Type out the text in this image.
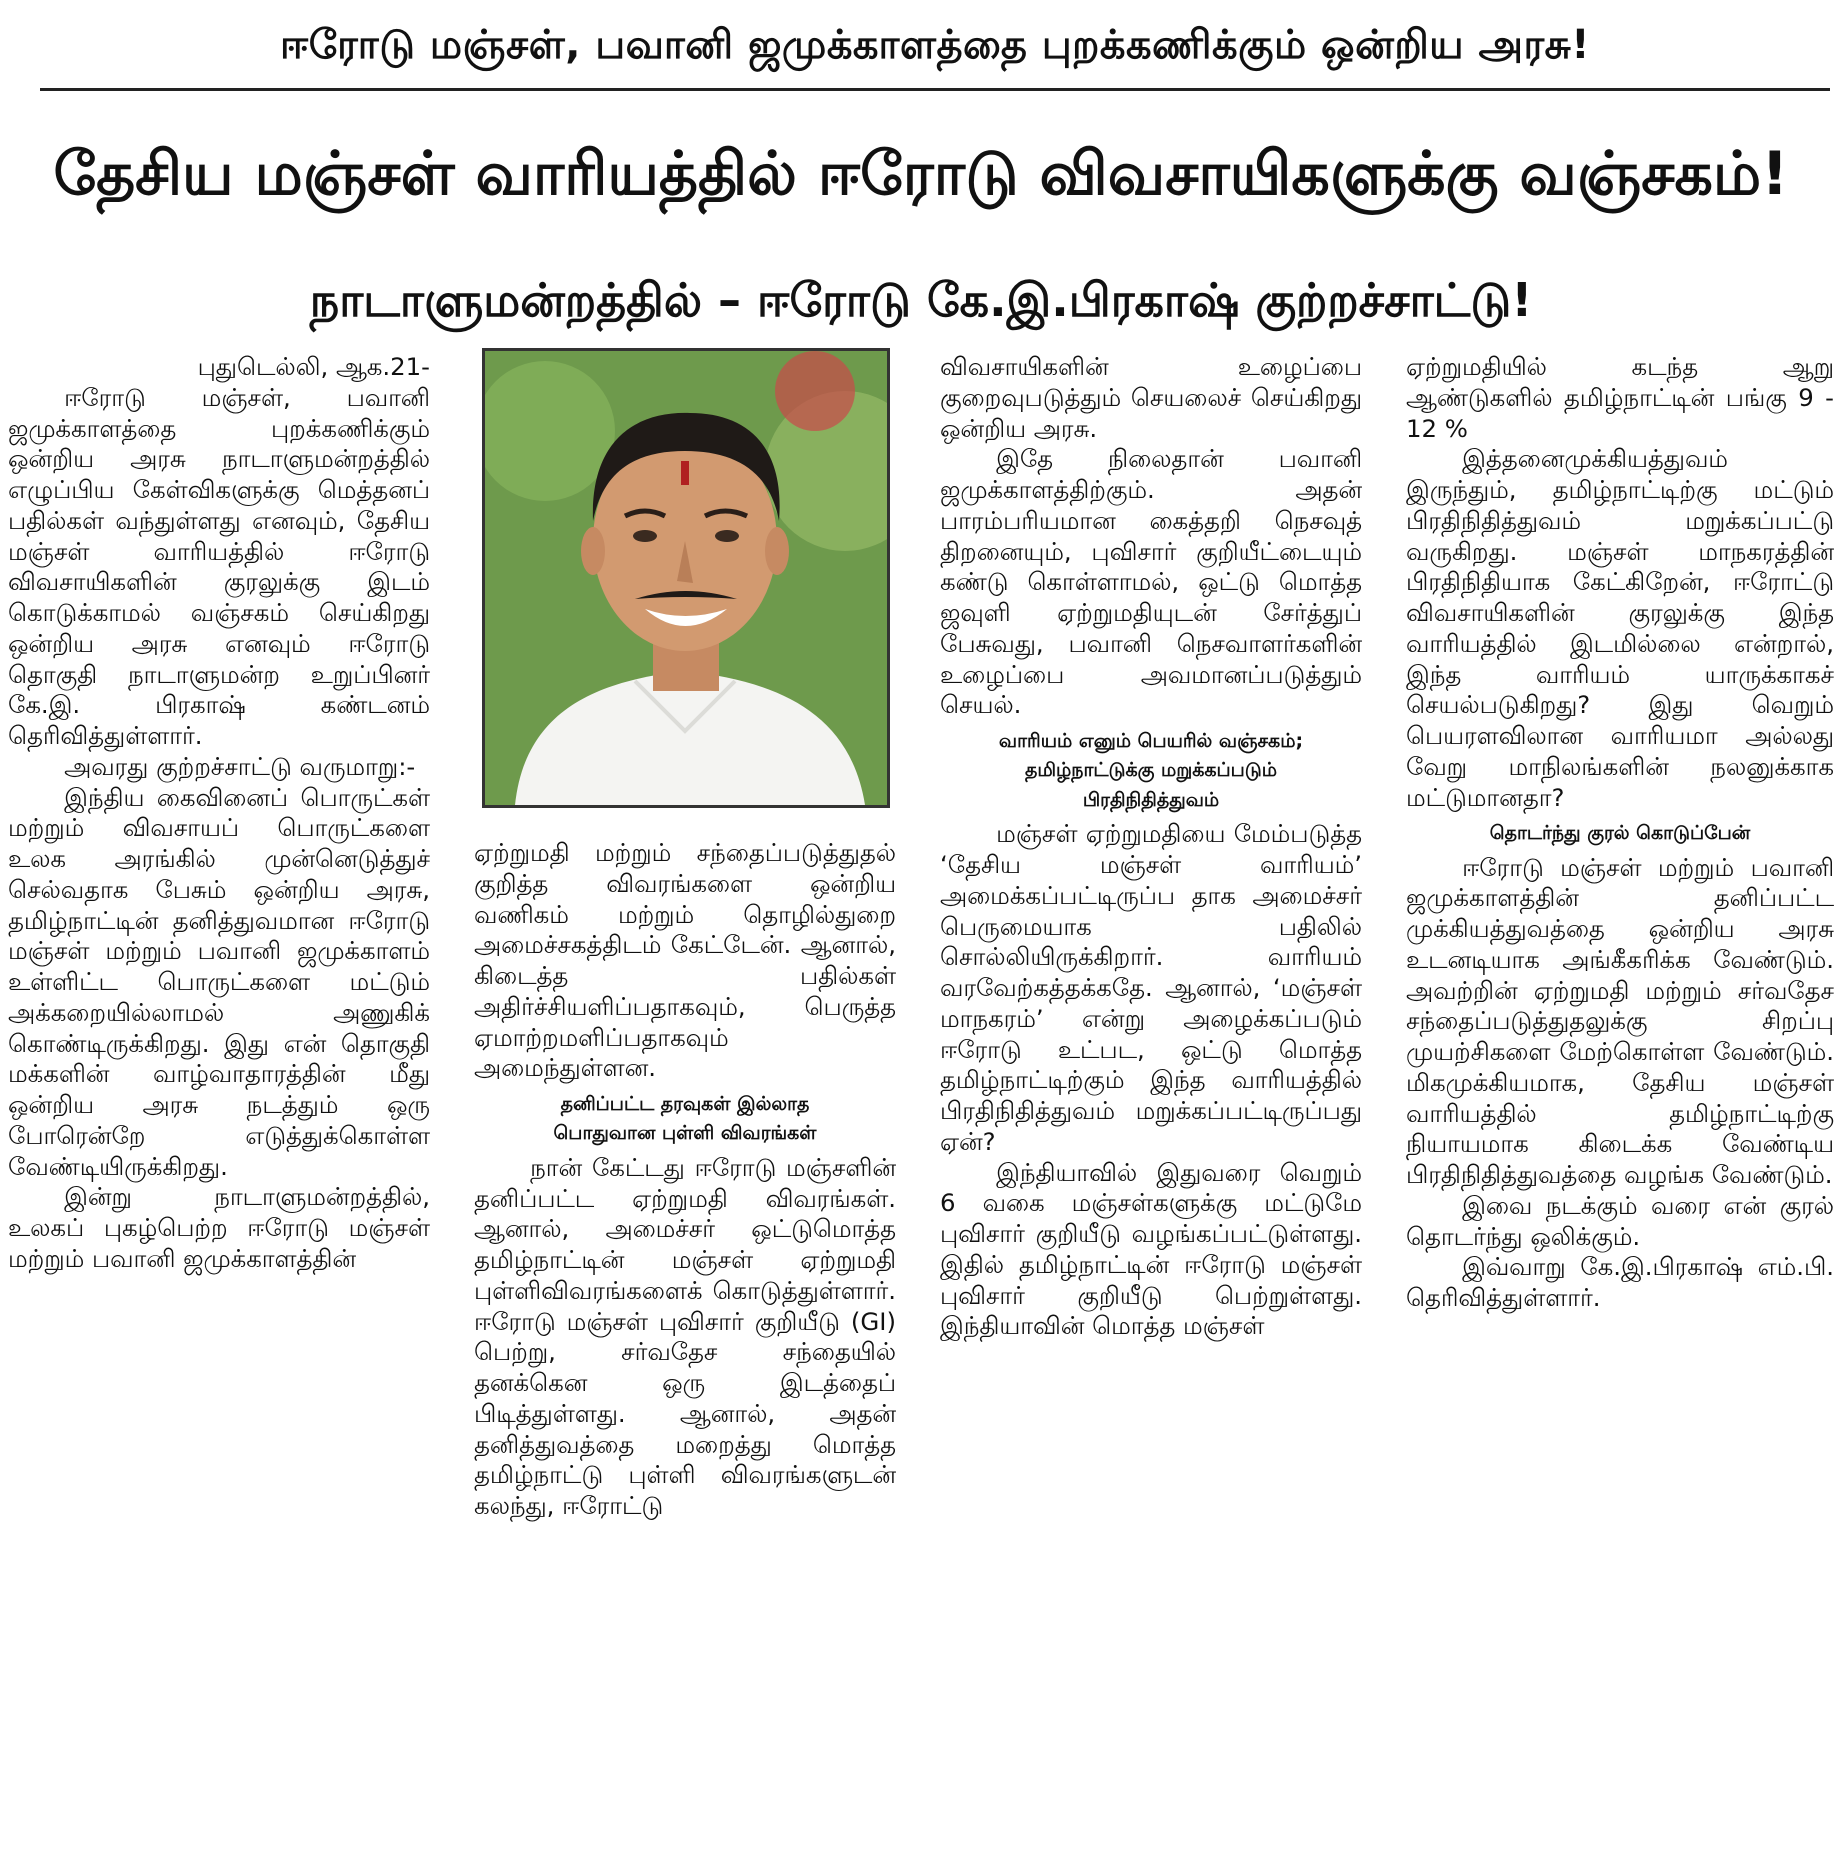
ஈரோடு மஞ்சள், பவானி ஜமுக்காளத்தை புறக்கணிக்கும் ஒன்றிய அரசு!
தேசிய மஞ்சள் வாரியத்தில் ஈரோடு விவசாயிகளுக்கு வஞ்சகம்!
நாடாளுமன்றத்தில் – ஈரோடு கே.இ.பிரகாஷ் குற்றச்சாட்டு!

புதுடெல்லி, ஆக.21-

ஈரோடு மஞ்சள், பவானி ஜமுக்காளத்தை புறக்கணிக்கும் ஒன்றிய அரசு நாடாளுமன்றத்தில் எழுப்பிய கேள்விகளுக்கு மெத்தனப் பதில்கள் வந்துள்ளது எனவும், தேசிய மஞ்சள் வாரியத்தில் ஈரோடு விவசாயிகளின் குரலுக்கு இடம் கொடுக்காமல் வஞ்சகம் செய்கிறது ஒன்றிய அரசு எனவும் ஈரோடு தொகுதி நாடாளுமன்ற உறுப்பினர் கே.இ. பிரகாஷ் கண்டனம் தெரிவித்துள்ளார்.

அவரது குற்றச்சாட்டு வருமாறு:-

இந்திய கைவினைப் பொருட்கள் மற்றும் விவசாயப் பொருட்களை உலக அரங்கில் முன்னெடுத்துச் செல்வதாக பேசும் ஒன்றிய அரசு, தமிழ்நாட்டின் தனித்துவமான ஈரோடு மஞ்சள் மற்றும் பவானி ஜமுக்காளம் உள்ளிட்ட பொருட்களை மட்டும் அக்கறையில்லாமல் அணுகிக் கொண்டிருக்கிறது. இது என் தொகுதி மக்களின் வாழ்வாதாரத்தின் மீது ஒன்றிய அரசு நடத்தும் ஒரு போரென்றே எடுத்துக்கொள்ள வேண்டியிருக்கிறது.

இன்று நாடாளுமன்றத்தில், உலகப் புகழ்பெற்ற ஈரோடு மஞ்சள் மற்றும் பவானி ஜமுக்காளத்தின்

ஏற்றுமதி மற்றும் சந்தைப்படுத்துதல் குறித்த விவரங்களை ஒன்றிய வணிகம் மற்றும் தொழில்துறை அமைச்சகத்திடம் கேட்டேன். ஆனால், கிடைத்த பதில்கள் அதிர்ச்சியளிப்பதாகவும், பெருத்த ஏமாற்றமளிப்பதாகவும் அமைந்துள்ளன.

தனிப்பட்ட தரவுகள் இல்லாத
பொதுவான புள்ளி விவரங்கள்

நான் கேட்டது ஈரோடு மஞ்சளின் தனிப்பட்ட ஏற்றுமதி விவரங்கள். ஆனால், அமைச்சர் ஒட்டுமொத்த தமிழ்நாட்டின் மஞ்சள் ஏற்றுமதி புள்ளிவிவரங்களைக் கொடுத்துள்ளார். ஈரோடு மஞ்சள் புவிசார் குறியீடு (GI) பெற்று, சர்வதேச சந்தையில் தனக்கென ஒரு இடத்தைப் பிடித்துள்ளது. ஆனால், அதன் தனித்துவத்தை மறைத்து மொத்த தமிழ்நாட்டு புள்ளி விவரங்களுடன் கலந்து, ஈரோட்டு

விவசாயிகளின் உழைப்பை குறைவுபடுத்தும் செயலைச் செய்கிறது ஒன்றிய அரசு.

இதே நிலைதான் பவானி ஜமுக்காளத்திற்கும். அதன் பாரம்பரியமான கைத்தறி நெசவுத் திறனையும், புவிசார் குறியீட்டையும் கண்டு கொள்ளாமல், ஒட்டு மொத்த ஜவுளி ஏற்றுமதியுடன் சேர்த்துப் பேசுவது, பவானி நெசவாளர்களின் உழைப்பை அவமானப்படுத்தும் செயல்.

வாரியம் எனும் பெயரில் வஞ்சகம்;
தமிழ்நாட்டுக்கு மறுக்கப்படும்
பிரதிநிதித்துவம்

மஞ்சள் ஏற்றுமதியை மேம்படுத்த ‘தேசிய மஞ்சள் வாரியம்’ அமைக்கப்பட்டிருப்ப தாக அமைச்சர் பெருமையாக பதிலில் சொல்லியிருக்கிறார். வாரியம் வரவேற்கத்தக்கதே. ஆனால், ‘மஞ்சள் மாநகரம்’ என்று அழைக்கப்படும் ஈரோடு உட்பட, ஒட்டு மொத்த தமிழ்நாட்டிற்கும் இந்த வாரியத்தில் பிரதிநிதித்துவம் மறுக்கப்பட்டிருப்பது ஏன்?

இந்தியாவில் இதுவரை வெறும் 6 வகை மஞ்சள்களுக்கு மட்டுமே புவிசார் குறியீடு வழங்கப்பட்டுள்ளது. இதில் தமிழ்நாட்டின் ஈரோடு மஞ்சள் புவிசார் குறியீடு பெற்றுள்ளது. இந்தியாவின் மொத்த மஞ்சள்

ஏற்றுமதியில் கடந்த ஆறு ஆண்டுகளில் தமிழ்நாட்டின் பங்கு 9 - 12 %

இத்தனைமுக்கியத்துவம் இருந்தும், தமிழ்நாட்டிற்கு மட்டும் பிரதிநிதித்துவம் மறுக்கப்பட்டு வருகிறது. மஞ்சள் மாநகரத்தின் பிரதிநிதியாக கேட்கிறேன், ஈரோட்டு விவசாயிகளின் குரலுக்கு இந்த வாரியத்தில் இடமில்லை என்றால், இந்த வாரியம் யாருக்காகச் செயல்படுகிறது? இது வெறும் பெயரளவிலான வாரியமா அல்லது வேறு மாநிலங்களின் நலனுக்காக மட்டுமானதா?

தொடர்ந்து குரல் கொடுப்பேன்

ஈரோடு மஞ்சள் மற்றும் பவானி ஜமுக்காளத்தின் தனிப்பட்ட முக்கியத்துவத்தை ஒன்றிய அரசு உடனடியாக அங்கீகரிக்க வேண்டும். அவற்றின் ஏற்றுமதி மற்றும் சர்வதேச சந்தைப்படுத்துதலுக்கு சிறப்பு முயற்சிகளை மேற்கொள்ள வேண்டும். மிகமுக்கியமாக, தேசிய மஞ்சள் வாரியத்தில் தமிழ்நாட்டிற்கு நியாயமாக கிடைக்க வேண்டிய பிரதிநிதித்துவத்தை வழங்க வேண்டும்.

இவை நடக்கும் வரை என் குரல் தொடர்ந்து ஒலிக்கும்.

இவ்வாறு கே.இ.பிரகாஷ் எம்.பி. தெரிவித்துள்ளார்.
